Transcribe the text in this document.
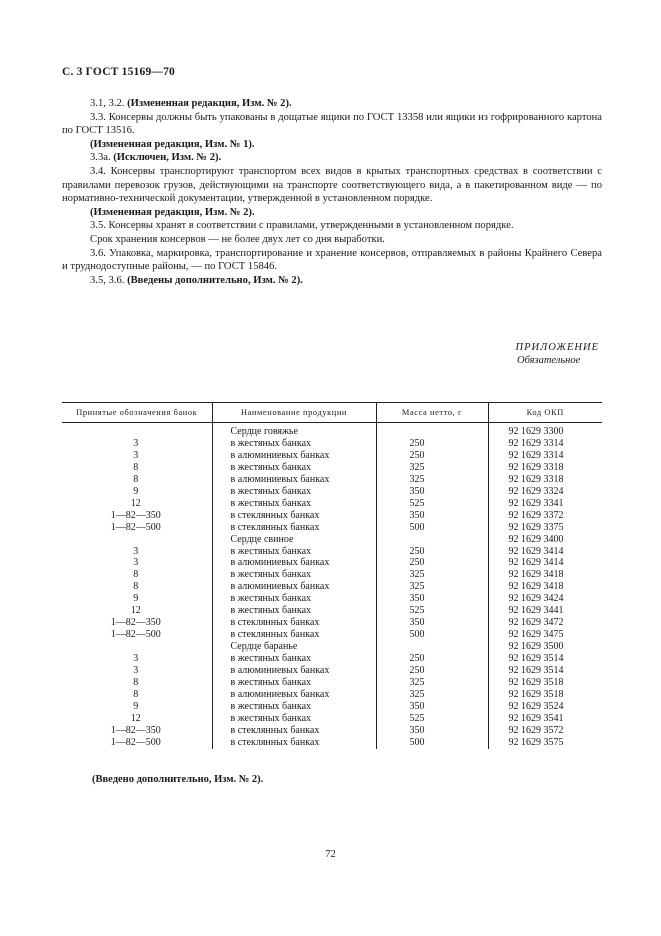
С. 3 ГОСТ 15169—70

3.1, 3.2. (Измененная редакция, Изм. № 2).

3.3. Консервы должны быть упакованы в дощатые ящики по ГОСТ 13358 или ящики из гофрированного картона по ГОСТ 13516.

(Измененная редакция, Изм. № 1).

3.3а. (Исключен, Изм. № 2).

3.4. Консервы транспортируют транспортом всех видов в крытых транспортных средствах в соответствии с правилами перевозок грузов, действующими на транспорте соответствующего вида, а в пакетированном виде — по нормативно-технической документации, утвержденной в установленном порядке.

(Измененная редакция, Изм. № 2).

3.5. Консервы хранят в соответствии с правилами, утвержденными в установленном порядке.

Срок хранения консервов — не более двух лет со дня выработки.

3.6. Упаковка, маркировка, транспортирование и хранение консервов, отправляемых в районы Крайнего Севера и труднодоступные районы, — по ГОСТ 15846.

3.5, 3.6. (Введены дополнительно, Изм. № 2).

ПРИЛОЖЕНИЕ
Обязательное
Принятые обозначения банок	Наименование продукции	Масса нетто, г	Код ОКП
	Сердце говяжье		92 1629 3300
3	в жестяных банках	250	92 1629 3314
3	в алюминиевых банках	250	92 1629 3314
8	в жестяных банках	325	92 1629 3318
8	в алюминиевых банках	325	92 1629 3318
9	в жестяных банках	350	92 1629 3324
12	в жестяных банках	525	92 1629 3341
1—82—350	в стеклянных банках	350	92 1629 3372
1—82—500	в стеклянных банках	500	92 1629 3375
	Сердце свиное		92 1629 3400
3	в жестяных банках	250	92 1629 3414
3	в алюминиевых банках	250	92 1629 3414
8	в жестяных банках	325	92 1629 3418
8	в алюминиевых банках	325	92 1629 3418
9	в жестяных банках	350	92 1629 3424
12	в жестяных банках	525	92 1629 3441
1—82—350	в стеклянных банках	350	92 1629 3472
1—82—500	в стеклянных банках	500	92 1629 3475
	Сердце баранье		92 1629 3500
3	в жестяных банках	250	92 1629 3514
3	в алюминиевых банках	250	92 1629 3514
8	в жестяных банках	325	92 1629 3518
8	в алюминиевых банках	325	92 1629 3518
9	в жестяных банках	350	92 1629 3524
12	в жестяных банках	525	92 1629 3541
1—82—350	в стеклянных банках	350	92 1629 3572
1—82—500	в стеклянных банках	500	92 1629 3575
(Введено дополнительно, Изм. № 2).
72
